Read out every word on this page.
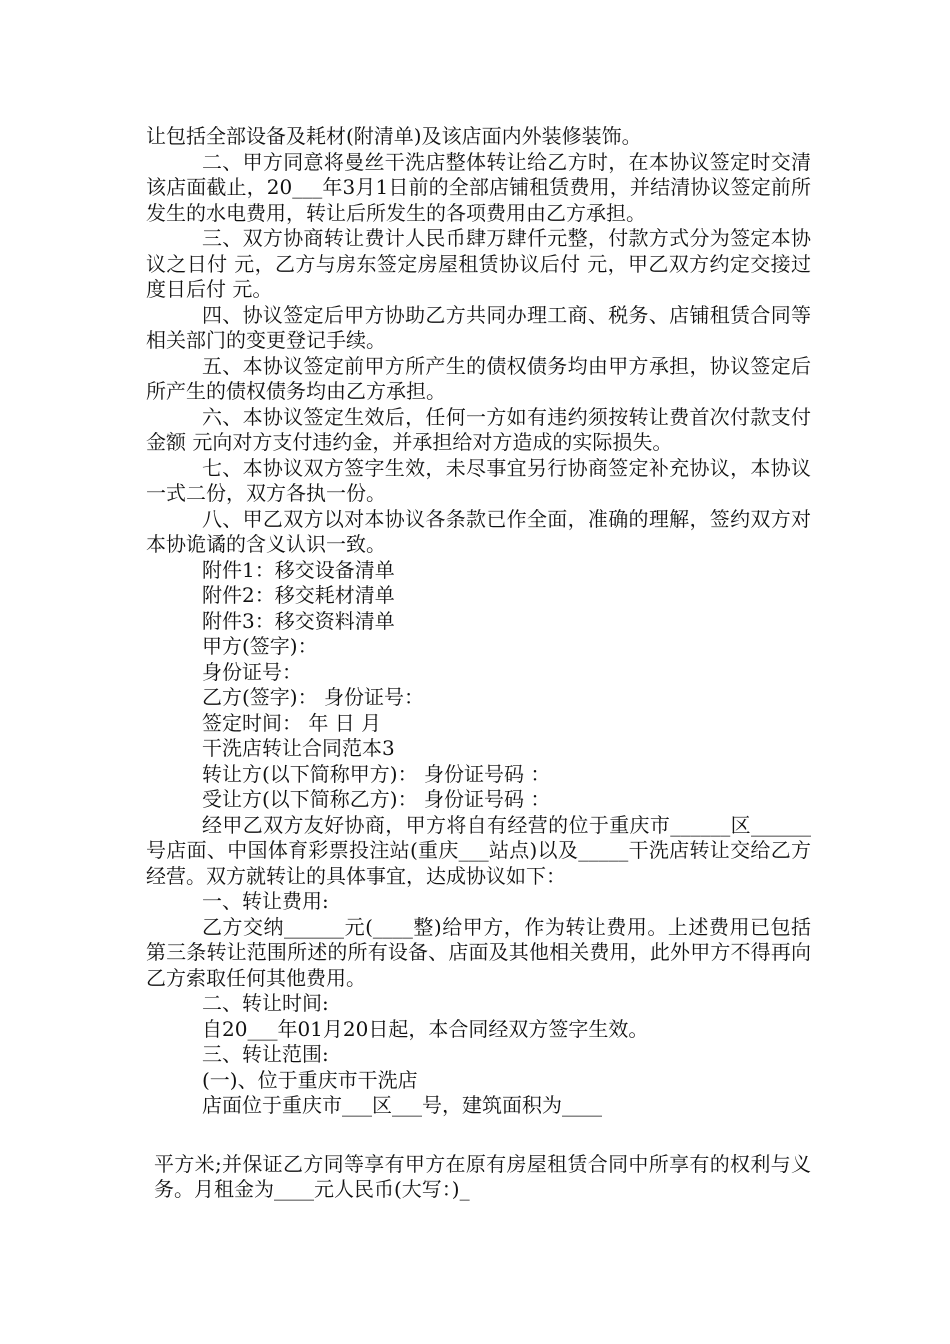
让包括全部设备及耗材(附清单)及该店面内外装修装饰。

二、甲方同意将曼丝干洗店整体转让给乙方时，在本协议签定时交清该店面截止，20___年3月1日前的全部店铺租赁费用，并结清协议签定前所发生的水电费用，转让后所发生的各项费用由乙方承担。

三、双方协商转让费计人民币肆万肆仟元整，付款方式分为签定本协议之日付 元，乙方与房东签定房屋租赁协议后付 元，甲乙双方约定交接过度日后付 元。

四、协议签定后甲方协助乙方共同办理工商、税务、店铺租赁合同等相关部门的变更登记手续。

五、本协议签定前甲方所产生的债权债务均由甲方承担，协议签定后所产生的债权债务均由乙方承担。

六、本协议签定生效后，任何一方如有违约须按转让费首次付款支付金额 元向对方支付违约金，并承担给对方造成的实际损失。

七、本协议双方签字生效，未尽事宜另行协商签定补充协议，本协议一式二份，双方各执一份。

八、甲乙双方以对本协议各条款已作全面，准确的理解，签约双方对本协诡谲的含义认识一致。

附件1：移交设备清单

附件2：移交耗材清单

附件3：移交资料清单

甲方(签字)：

身份证号：

乙方(签字)： 身份证号：

签定时间： 年 日 月

干洗店转让合同范本3

转让方(以下简称甲方)： 身份证号码 ：

受让方(以下简称乙方)： 身份证号码 ：

经甲乙双方友好协商，甲方将自有经营的位于重庆市______区______号店面、中国体育彩票投注站(重庆___站点)以及_____干洗店转让交给乙方经营。双方就转让的具体事宜，达成协议如下：

一、转让费用:

乙方交纳______元(____整)给甲方，作为转让费用。上述费用已包括第三条转让范围所述的所有设备、店面及其他相关费用，此外甲方不得再向乙方索取任何其他费用。

二、转让时间:

自20___年01月20日起，本合同经双方签字生效。

三、转让范围:

(一)、位于重庆市干洗店

店面位于重庆市___区___号，建筑面积为____

平方米;并保证乙方同等享有甲方在原有房屋租赁合同中所享有的权利与义务。月租金为____元人民币(大写：)_
